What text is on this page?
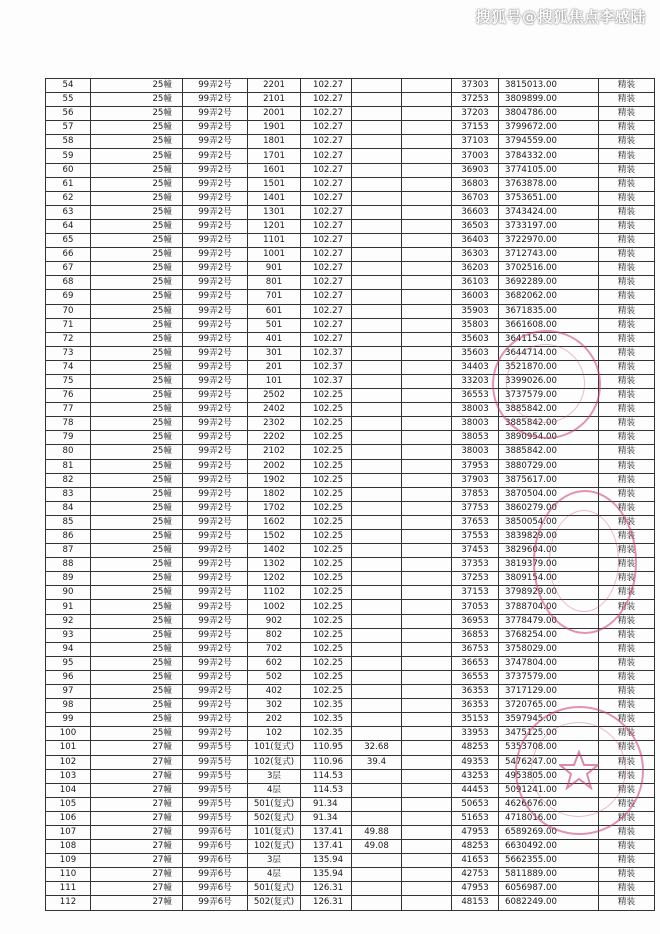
搜狐号@搜狐焦点李感陆
54	25幢	99弄2号	2201	102.27			37303	3815013.00	精装
55	25幢	99弄2号	2101	102.27			37253	3809899.00	精装
56	25幢	99弄2号	2001	102.27			37203	3804786.00	精装
57	25幢	99弄2号	1901	102.27			37153	3799672.00	精装
58	25幢	99弄2号	1801	102.27			37103	3794559.00	精装
59	25幢	99弄2号	1701	102.27			37003	3784332.00	精装
60	25幢	99弄2号	1601	102.27			36903	3774105.00	精装
61	25幢	99弄2号	1501	102.27			36803	3763878.00	精装
62	25幢	99弄2号	1401	102.27			36703	3753651.00	精装
63	25幢	99弄2号	1301	102.27			36603	3743424.00	精装
64	25幢	99弄2号	1201	102.27			36503	3733197.00	精装
65	25幢	99弄2号	1101	102.27			36403	3722970.00	精装
66	25幢	99弄2号	1001	102.27			36303	3712743.00	精装
67	25幢	99弄2号	901	102.27			36203	3702516.00	精装
68	25幢	99弄2号	801	102.27			36103	3692289.00	精装
69	25幢	99弄2号	701	102.27			36003	3682062.00	精装
70	25幢	99弄2号	601	102.27			35903	3671835.00	精装
71	25幢	99弄2号	501	102.27			35803	3661608.00	精装
72	25幢	99弄2号	401	102.27			35603	3641154.00	精装
73	25幢	99弄2号	301	102.37			35603	3644714.00	精装
74	25幢	99弄2号	201	102.37			34403	3521870.00	精装
75	25幢	99弄2号	101	102.37			33203	3399026.00	精装
76	25幢	99弄2号	2502	102.25			36553	3737579.00	精装
77	25幢	99弄2号	2402	102.25			38003	3885842.00	精装
78	25幢	99弄2号	2302	102.25			38003	3885842.00	精装
79	25幢	99弄2号	2202	102.25			38053	3890954.00	精装
80	25幢	99弄2号	2102	102.25			38003	3885842.00	精装
81	25幢	99弄2号	2002	102.25			37953	3880729.00	精装
82	25幢	99弄2号	1902	102.25			37903	3875617.00	精装
83	25幢	99弄2号	1802	102.25			37853	3870504.00	精装
84	25幢	99弄2号	1702	102.25			37753	3860279.00	精装
85	25幢	99弄2号	1602	102.25			37653	3850054.00	精装
86	25幢	99弄2号	1502	102.25			37553	3839829.00	精装
87	25幢	99弄2号	1402	102.25			37453	3829604.00	精装
88	25幢	99弄2号	1302	102.25			37353	3819379.00	精装
89	25幢	99弄2号	1202	102.25			37253	3809154.00	精装
90	25幢	99弄2号	1102	102.25			37153	3798929.00	精装
91	25幢	99弄2号	1002	102.25			37053	3788704.00	精装
92	25幢	99弄2号	902	102.25			36953	3778479.00	精装
93	25幢	99弄2号	802	102.25			36853	3768254.00	精装
94	25幢	99弄2号	702	102.25			36753	3758029.00	精装
95	25幢	99弄2号	602	102.25			36653	3747804.00	精装
96	25幢	99弄2号	502	102.25			36553	3737579.00	精装
97	25幢	99弄2号	402	102.25			36353	3717129.00	精装
98	25幢	99弄2号	302	102.35			36353	3720765.00	精装
99	25幢	99弄2号	202	102.35			35153	3597945.00	精装
100	25幢	99弄2号	102	102.35			33953	3475125.00	精装
101	27幢	99弄5号	101(复式)	110.95	32.68		48253	5353708.00	精装
102	27幢	99弄5号	102(复式)	110.96	39.4		49353	5476247.00	精装
103	27幢	99弄5号	3层	114.53			43253	4953805.00	精装
104	27幢	99弄5号	4层	114.53			44453	5091241.00	精装
105	27幢	99弄5号	501(复式)	91.34			50653	4626676.00	精装
106	27幢	99弄5号	502(复式)	91.34			51653	4718016.00	精装
107	27幢	99弄6号	101(复式)	137.41	49.88		47953	6589269.00	精装
108	27幢	99弄6号	102(复式)	137.41	49.08		48253	6630492.00	精装
109	27幢	99弄6号	3层	135.94			41653	5662355.00	精装
110	27幢	99弄6号	4层	135.94			42753	5811889.00	精装
111	27幢	99弄6号	501(复式)	126.31			47953	6056987.00	精装
112	27幢	99弄6号	502(复式)	126.31			48153	6082249.00	精装
